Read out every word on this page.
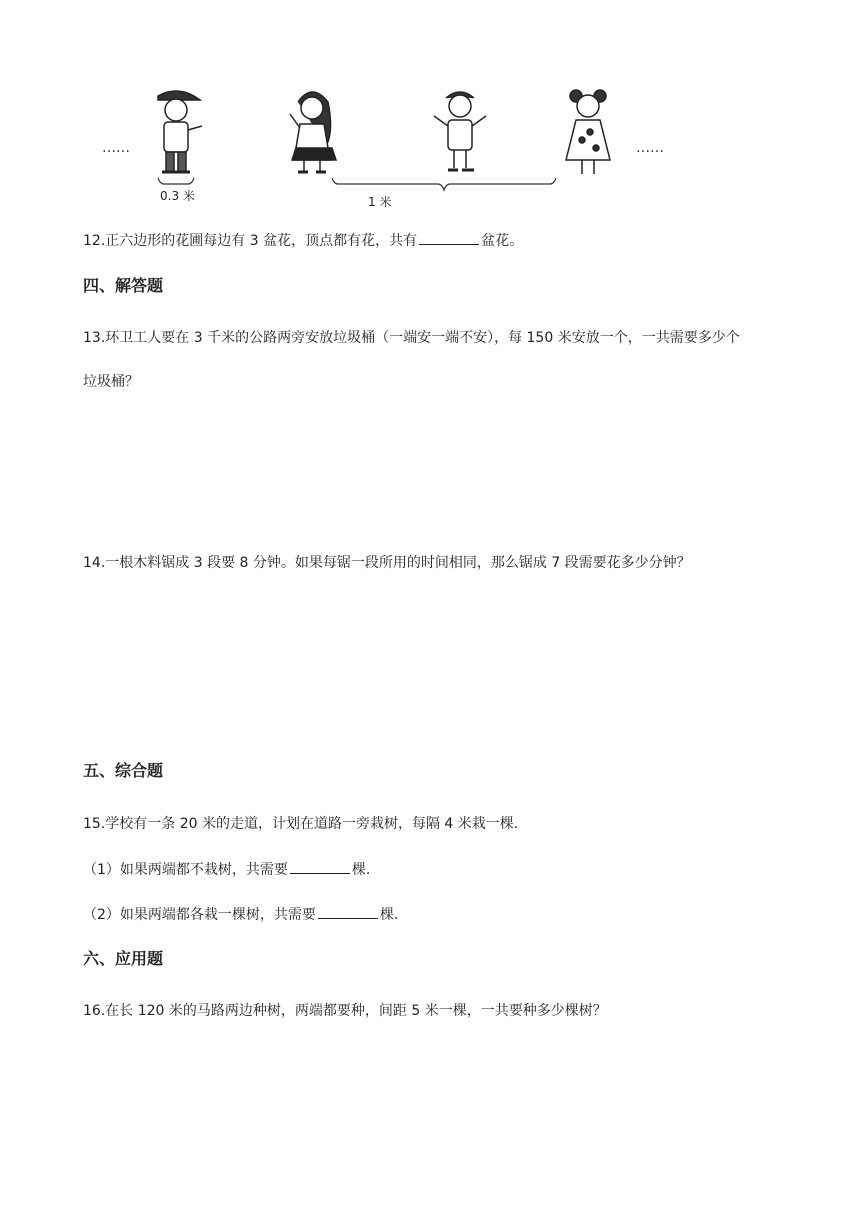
……
0.3 米	1 米
……
12.正六边形的花圃每边有 3 盆花，顶点都有花，共有	盆花。
四、解答题
13.环卫工人要在 3 千米的公路两旁安放垃圾桶（一端安一端不安），每 150 米安放一个，一共需要多少个
垃圾桶？
14.一根木料锯成 3 段要 8 分钟。如果每锯一段所用的时间相同，那么锯成 7 段需要花多少分钟？
五、综合题
15.学校有一条 20 米的走道，计划在道路一旁栽树，每隔 4 米栽一棵.
（1）如果两端都不栽树，共需要	棵.
（2）如果两端都各栽一棵树，共需要	棵.
六、应用题
16.在长 120 米的马路两边种树，两端都要种，间距 5 米一棵，一共要种多少棵树？
